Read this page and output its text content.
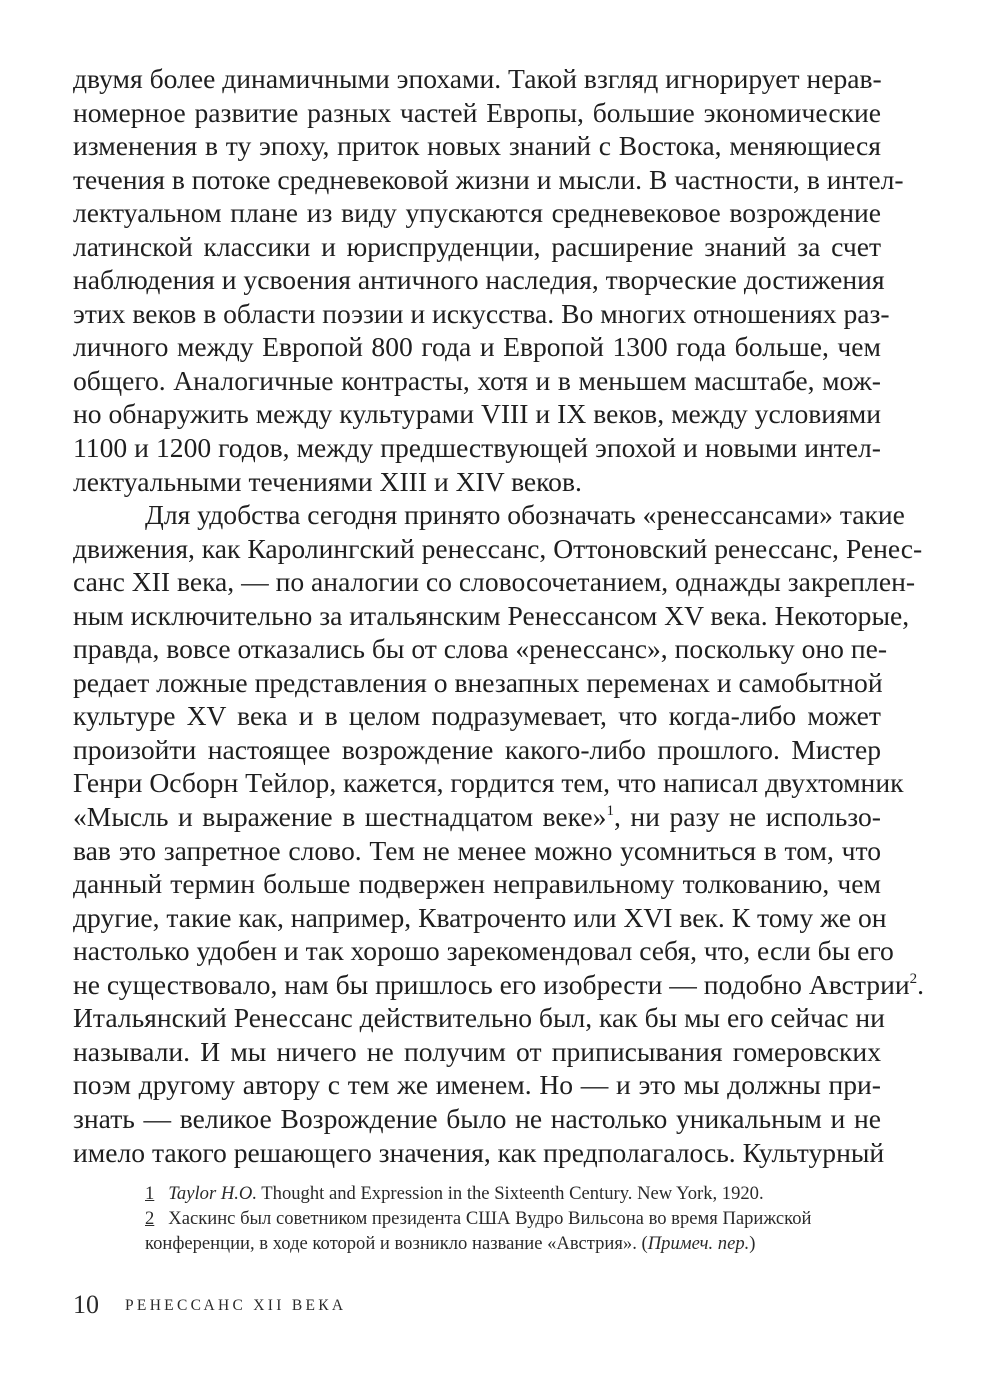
двумя более динамичными эпохами. Такой взгляд игнорирует нерав-
номерное развитие разных частей Европы, большие экономические
изменения в ту эпоху, приток новых знаний с Востока, меняющиеся
течения в потоке средневековой жизни и мысли. В частности, в интел-
лектуальном плане из виду упускаются средневековое возрождение
латинской классики и юриспруденции, расширение знаний за счет
наблюдения и усвоения античного наследия, творческие достижения
этих веков в области поэзии и искусства. Во многих отношениях раз-
личного между Европой 800 года и Европой 1300 года больше, чем
общего. Аналогичные контрасты, хотя и в меньшем масштабе, мож-
но обнаружить между культурами VIII и IX веков, между условиями
1100 и 1200 годов, между предшествующей эпохой и новыми интел-
лектуальными течениями XIII и XIV веков.
Для удобства сегодня принято обозначать «ренессансами» такие
движения, как Каролингский ренессанс, Оттоновский ренессанс, Ренес-
санс XII века, — по аналогии со словосочетанием, однажды закреплен-
ным исключительно за итальянским Ренессансом XV века. Некоторые,
правда, вовсе отказались бы от слова «ренессанс», поскольку оно пе-
редает ложные представления о внезапных переменах и самобытной
культуре XV века и в целом подразумевает, что когда-либо может
произойти настоящее возрождение какого-либо прошлого. Мистер
Генри Осборн Тейлор, кажется, гордится тем, что написал двухтомник
«Мысль и выражение в шестнадцатом веке»$^1$, ни разу не использо-
вав это запретное слово. Тем не менее можно усомниться в том, что
данный термин больше подвержен неправильному толкованию, чем
другие, такие как, например, Кватроченто или XVI век. К тому же он
настолько удобен и так хорошо зарекомендовал себя, что, если бы его
не существовало, нам бы пришлось его изобрести — подобно Австрии$^2$.
Итальянский Ренессанс действительно был, как бы мы его сейчас ни
называли. И мы ничего не получим от приписывания гомеровских
поэм другому автору с тем же именем. Но — и это мы должны при-
знать — великое Возрождение было не настолько уникальным и не
имело такого решающего значения, как предполагалось. Культурный
1 Taylor H.O. Thought and Expression in the Sixteenth Century. New York, 1920.
2 Хаскинс был советником президента США Вудро Вильсона во время Парижской
конференции, в ходе которой и возникло название «Австрия». (Примеч. пер.)
10 РЕНЕССАНС XII ВЕКА
